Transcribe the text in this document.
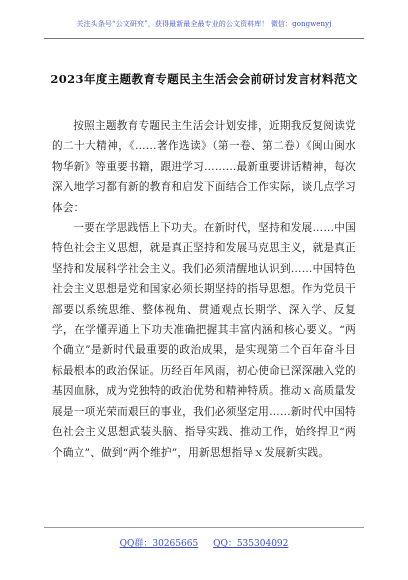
关注头条号“公文研究”，获得最新最全最专业的公文资料库！ 微信：gongwenyj
2023年度主题教育专题民主生活会会前研讨发言材料范文

按照主题教育专题民主生活会计划安排，近期我反复阅读党的二十大精神，《……著作选读》（第一卷、第二卷）《闽山闽水物华新》等重要书籍，跟进学习………最新重要讲话精神，每次深入地学习都有新的教育和启发下面结合工作实际，谈几点学习体会：

一要在学思践悟上下功夫。在新时代，坚持和发展……中国特色社会主义思想，就是真正坚持和发展马克思主义，就是真正坚持和发展科学社会主义。我们必须清醒地认识到……中国特色社会主义思想是党和国家必须长期坚持的指导思想。作为党员干部要以系统思维、整体视角、贯通观点长期学、深入学、反复学，在学懂弄通上下功夫准确把握其丰富内涵和核心要义。“两个确立”是新时代最重要的政治成果，是实现第二个百年奋斗目标最根本的政治保证。历经百年风雨，初心使命已深深融入党的基因血脉，成为党独特的政治优势和精神特质。推动ｘ高质量发展是一项光荣而艰巨的事业，我们必须坚定用……新时代中国特色社会主义思想武装头脑、指导实践、推动工作，始终捍卫“两个确立”、做到“两个维护”，用新思想指导ｘ发展新实践。

QQ群：30265665 QQ：535304092
